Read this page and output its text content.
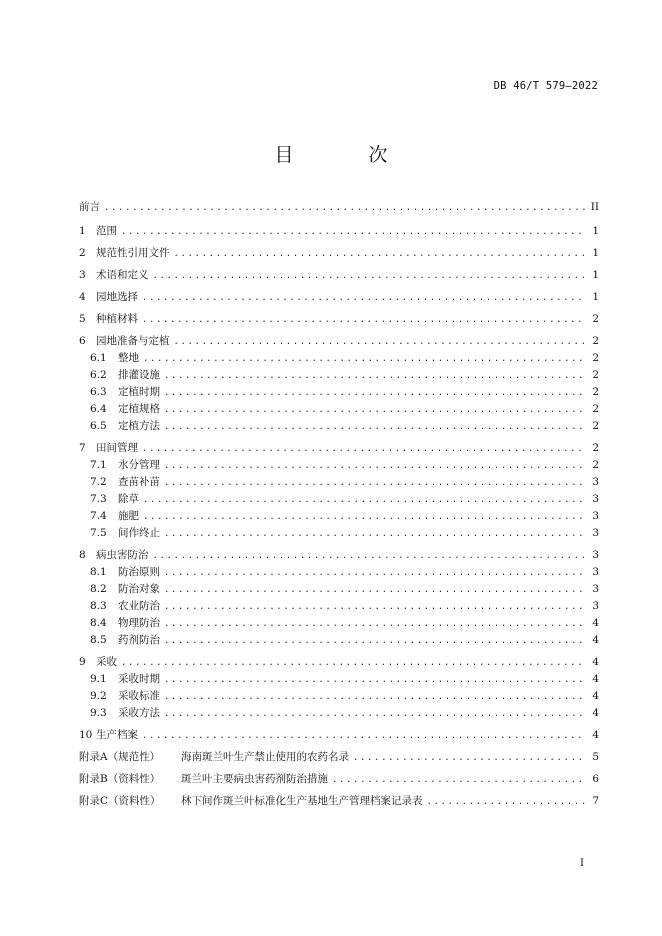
DB 46/T 579—2022
目　次
前言 .....	II
1 范围 .....	1
2 规范性引用文件 .....	1
3 术语和定义 .....	1
4 园地选择 .....	1
5 种植材料 .....	2
6 园地准备与定植 .....	2
6.1	整地 .....	2
6.2	排灌设施 .....	2
6.3	定植时期 .....	2
6.4	定植规格 .....	2
6.5	定植方法 .....	2
7 田间管理 .....	2
7.1	水分管理 .....	2
7.2	查苗补苗 .....	3
7.3	除草 .....	3
7.4	施肥 .....	3
7.5	间作终止 .....	3
8 病虫害防治 .....	3
8.1	防治原则 .....	3
8.2	防治对象 .....	3
8.3	农业防治 .....	3
8.4	物理防治 .....	4
8.5	药剂防治 .....	4
9 采收 .....	4
9.1	采收时期 .....	4
9.2	采收标准 .....	4
9.3	采收方法 .....	4
10 生产档案 .....	4
附录A（规范性）	海南斑兰叶生产禁止使用的农药名录 .....	5
附录B（资料性）	斑兰叶主要病虫害药剂防治措施 .....	6
附录C（资料性）	林下间作斑兰叶标准化生产基地生产管理档案记录表 .....	7
I
